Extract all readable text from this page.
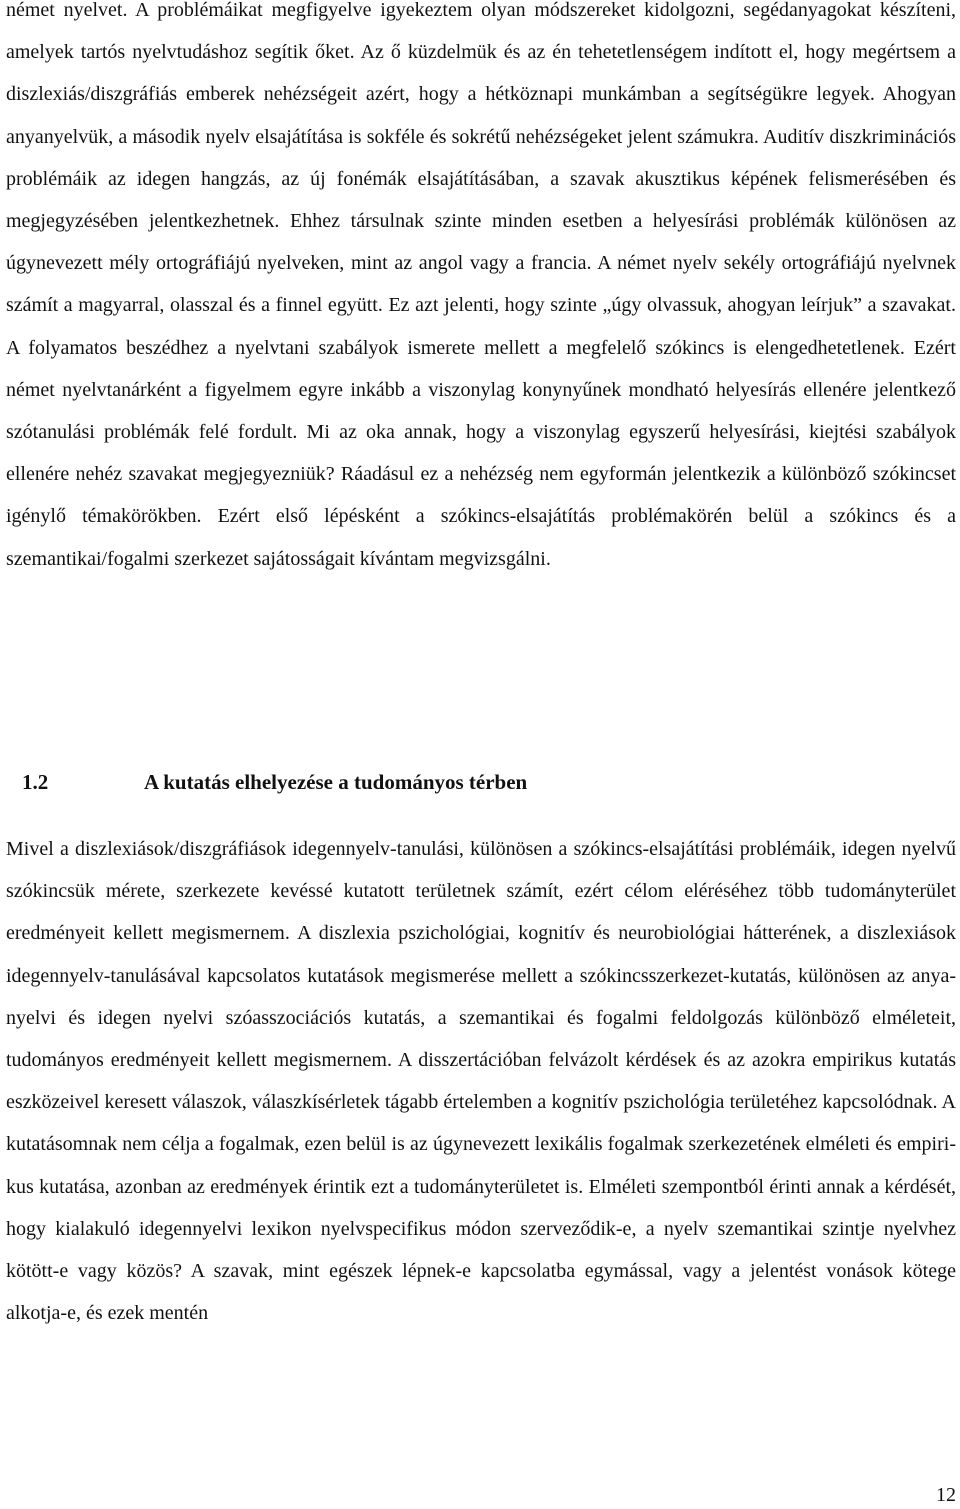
német nyelvet. A problémáikat megfigyelve igyekeztem olyan módszereket kidolgozni, segédanyagokat készíteni, amelyek tartós nyelvtudáshoz segítik őket. Az ő küzdelmük és az én tehetetlenségem indított el, hogy megértsem a diszlexiás/diszgráfiás emberek nehézségeit azért, hogy a hétköznapi munkámban a segítségükre legyek. Ahogyan anyanyelvük, a második nyelv elsajátítása is sokféle és sokrétű nehézségeket jelent számukra. Auditív diszkriminációs problémáik az idegen hangzás, az új fonémák elsajátításában, a szavak akusztikus képének felismerésében és megjegyzésében jelentkezhetnek. Ehhez társulnak szinte minden esetben a helyesírási problémák különösen az úgynevezett mély ortográfiájú nyelveken, mint az angol vagy a francia. A német nyelv sekély ortográfiájú nyelvnek számít a magyarral, olasszal és a finnel együtt. Ez azt jelenti, hogy szinte „úgy olvassuk, ahogyan leírjuk” a szavakat. A folyamatos beszédhez a nyelvtani szabályok ismerete mellett a megfelelő szókincs is elengedhetetlenek. Ezért német nyelvtanárként a figyelmem egyre inkább a viszonylag konynyűnek mondható helyesírás ellenére jelentkező szótanulási problémák felé fordult. Mi az oka annak, hogy a viszonylag egyszerű helyesírási, kiejtési szabályok ellenére nehéz szavakat megjegyezniük? Ráadásul ez a nehézség nem egyformán jelentkezik a különböző szókincset igénylő témakörökben. Ezért első lépésként a szókincs-elsajátítás problémakörén belül a szókincs és a szemantikai/fogalmi szerkezet sajátosságait kívántam megvizsgálni.

1.2	A kutatás elhelyezése a tudományos térben

Mivel a diszlexiások/diszgráfiások idegennyelv-tanulási, különösen a szókincs-elsajátítási problémáik, idegen nyelvű szókincsük mérete, szerkezete kevéssé kutatott területnek számít, ezért célom eléréséhez több tudományterület eredményeit kellett megismernem. A diszlexia pszichológiai, kognitív és neurobiológiai hátterének, a diszlexiások idegennyelv-tanulásával kapcsolatos kutatások megismerése mellett a szókincsszerkezet-kutatás, különösen az anyanyelvi és idegen nyelvi szóasszociációs kutatás, a szemantikai és fogalmi feldolgozás különböző elméleteit, tudományos eredményeit kellett megismernem. A disszertációban felvázolt kérdések és az azokra empirikus kutatás eszközeivel keresett válaszok, válaszkísérletek tágabb értelemben a kognitív pszichológia területéhez kapcsolódnak. A kutatásomnak nem célja a fogalmak, ezen belül is az úgynevezett lexikális fogalmak szerkezetének elméleti és empirikus kutatása, azonban az eredmények érintik ezt a tudományterületet is. Elméleti szempontból érinti annak a kérdését, hogy kialakuló idegennyelvi lexikon nyelvspecifikus módon szerveződik-e, a nyelv szemantikai szintje nyelvhez kötött-e vagy közös? A szavak, mint egészek lépnek-e kapcsolatba egymással, vagy a jelentést vonások kötege alkotja-e, és ezek mentén

12
